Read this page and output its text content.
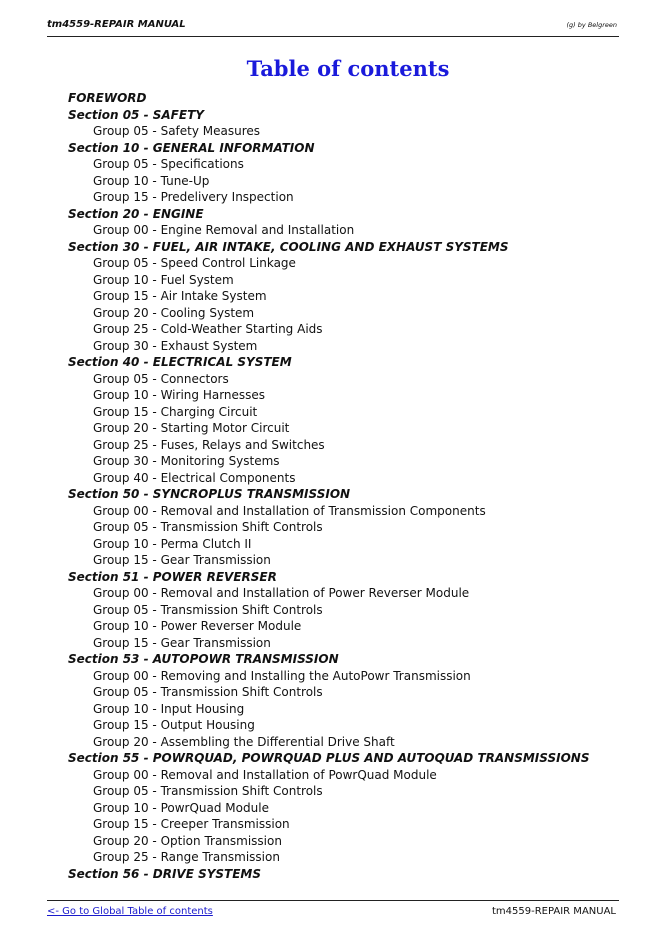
tm4559-REPAIR MANUAL	(g) by Belgreen
Table of contents
FOREWORD
Section 05 - SAFETY
Group 05 - Safety Measures
Section 10 - GENERAL INFORMATION
Group 05 - Specifications
Group 10 - Tune-Up
Group 15 - Predelivery Inspection
Section 20 - ENGINE
Group 00 - Engine Removal and Installation
Section 30 - FUEL, AIR INTAKE, COOLING AND EXHAUST SYSTEMS
Group 05 - Speed Control Linkage
Group 10 - Fuel System
Group 15 - Air Intake System
Group 20 - Cooling System
Group 25 - Cold-Weather Starting Aids
Group 30 - Exhaust System
Section 40 - ELECTRICAL SYSTEM
Group 05 - Connectors
Group 10 - Wiring Harnesses
Group 15 - Charging Circuit
Group 20 - Starting Motor Circuit
Group 25 - Fuses, Relays and Switches
Group 30 - Monitoring Systems
Group 40 - Electrical Components
Section 50 - SYNCROPLUS TRANSMISSION
Group 00 - Removal and Installation of Transmission Components
Group 05 - Transmission Shift Controls
Group 10 - Perma Clutch II
Group 15 - Gear Transmission
Section 51 - POWER REVERSER
Group 00 - Removal and Installation of Power Reverser Module
Group 05 - Transmission Shift Controls
Group 10 - Power Reverser Module
Group 15 - Gear Transmission
Section 53 - AUTOPOWR TRANSMISSION
Group 00 - Removing and Installing the AutoPowr Transmission
Group 05 - Transmission Shift Controls
Group 10 - Input Housing
Group 15 - Output Housing
Group 20 - Assembling the Differential Drive Shaft
Section 55 - POWRQUAD, POWRQUAD PLUS AND AUTOQUAD TRANSMISSIONS
Group 00 - Removal and Installation of PowrQuad Module
Group 05 - Transmission Shift Controls
Group 10 - PowrQuad Module
Group 15 - Creeper Transmission
Group 20 - Option Transmission
Group 25 - Range Transmission
Section 56 - DRIVE SYSTEMS
<- Go to Global Table of contents	tm4559-REPAIR MANUAL
